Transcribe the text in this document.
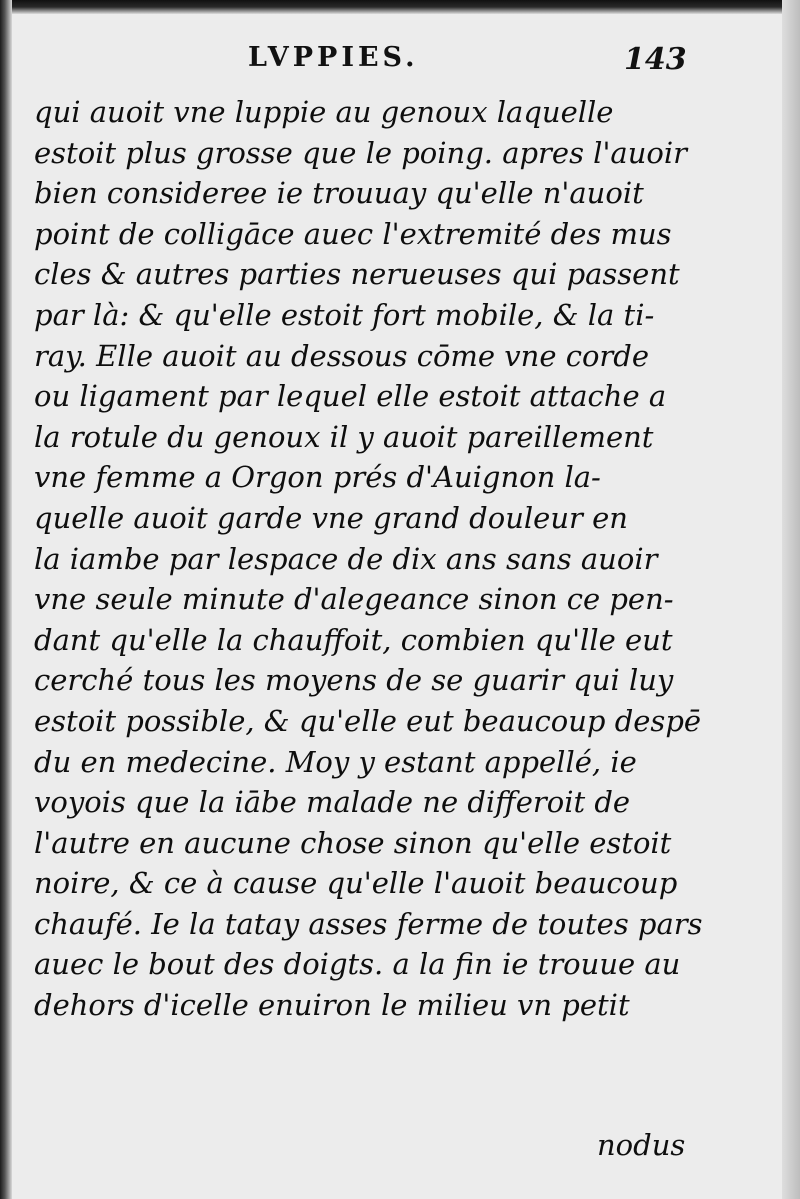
LVPPIES.	143
qui auoit vne luppie au genoux laquelle
estoit plus grosse que le poing. apres l'auoir
bien consideree ie trouuay qu'elle n'auoit
point de colligāce auec l'extremité des mus
cles & autres parties nerueuses qui passent
par là: & qu'elle estoit fort mobile, & la ti-
ray. Elle auoit au dessous cōme vne corde
ou ligament par lequel elle estoit attache a
la rotule du genoux il y auoit pareillement
vne femme a Orgon prés d'Auignon la-
quelle auoit garde vne grand douleur en
la iambe par lespace de dix ans sans auoir
vne seule minute d'alegeance sinon ce pen-
dant qu'elle la chauffoit, combien qu'lle eut
cerché tous les moyens de se guarir qui luy
estoit possible, & qu'elle eut beaucoup despē
du en medecine. Moy y estant appellé, ie
voyois que la iābe malade ne differoit de
l'autre en aucune chose sinon qu'elle estoit
noire, & ce à cause qu'elle l'auoit beaucoup
chaufé. Ie la tatay asses ferme de toutes pars
auec le bout des doigts. a la fin ie trouue au
dehors d'icelle enuiron le milieu vn petit
nodus
